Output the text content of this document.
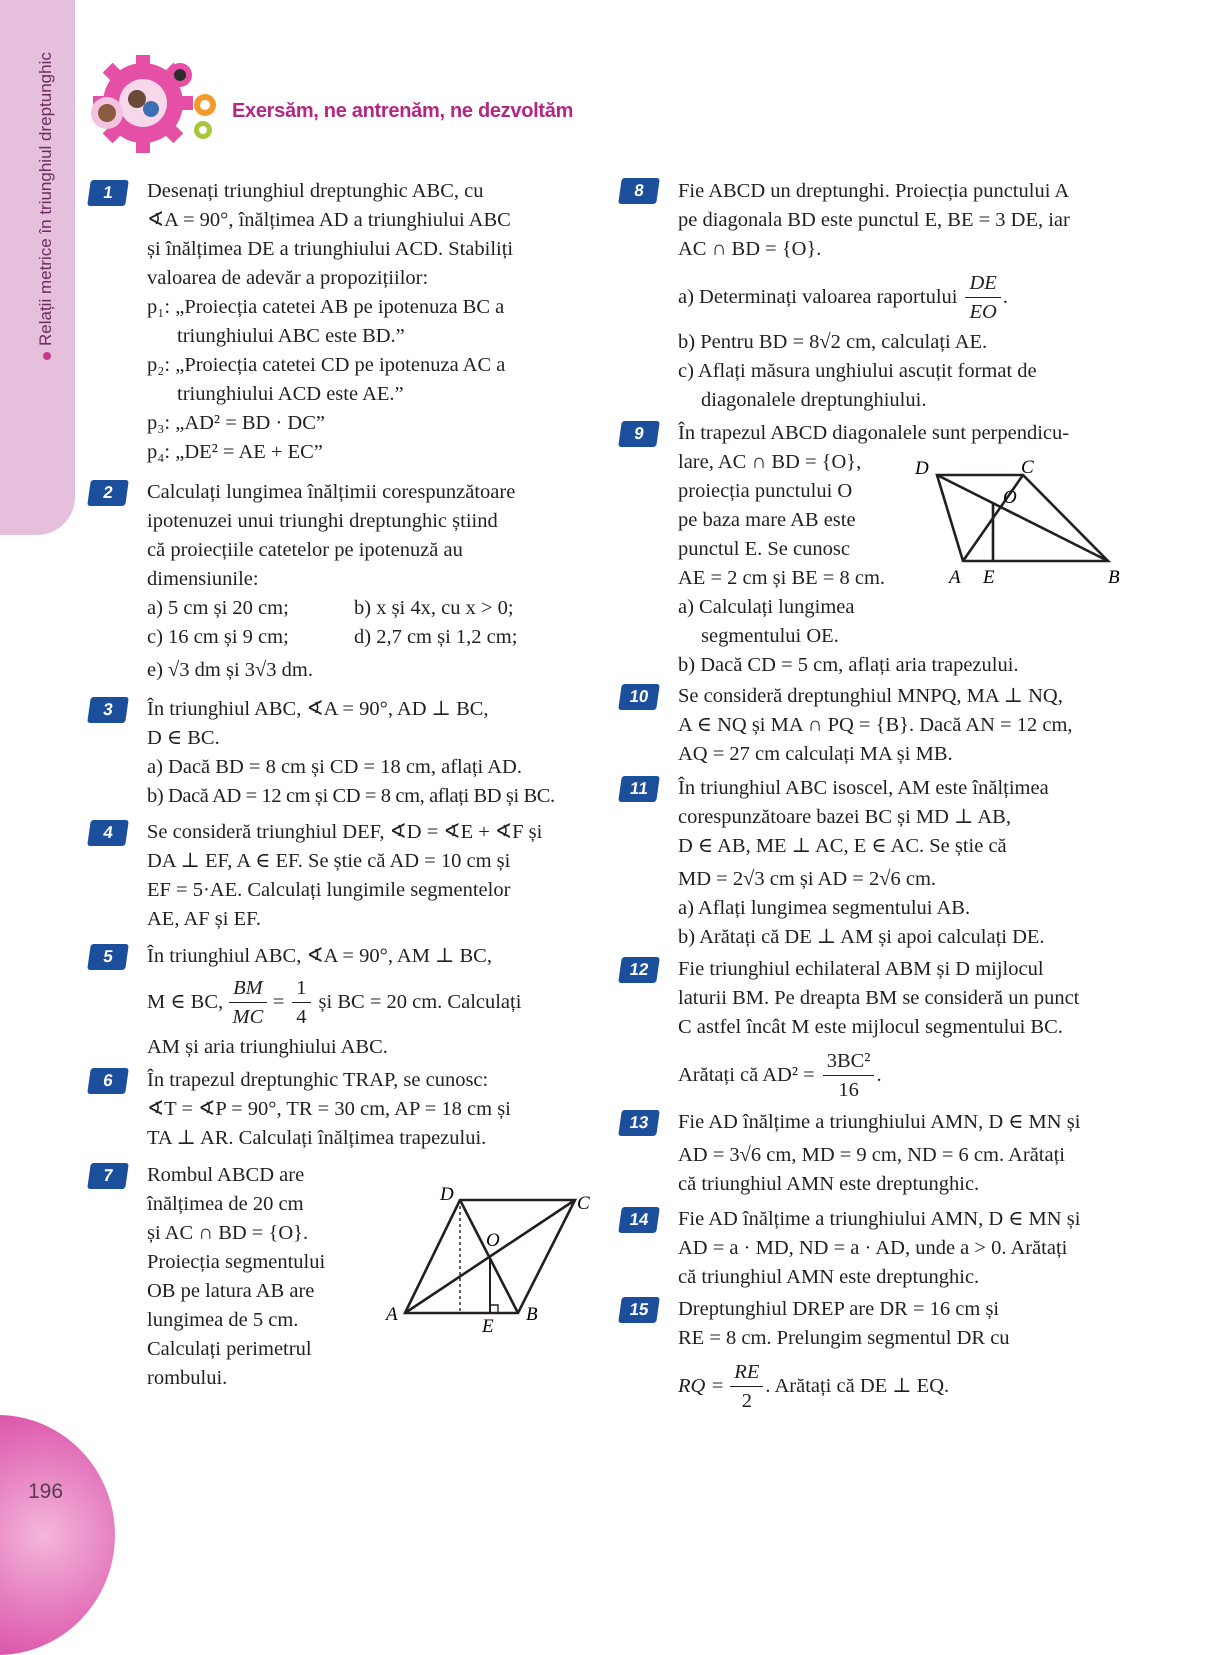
Relații metrice în triunghiul dreptunghic	Exersăm, ne antrenăm, ne dezvoltăm
1	Desenați triunghiul dreptunghic ABC, cu

∢A = 90°, înălțimea AD a triunghiului ABC

și înălțimea DE a triunghiului ACD. Stabiliți

valoarea de adevăr a propozițiilor:

p₁: „Proiecția catetei AB pe ipotenuza BC a

triunghiului ABC este BD.”

p₂: „Proiecția catetei CD pe ipotenuza AC a

triunghiului ACD este AE.”

p₃: „AD² = BD · DC”

p₄: „DE² = AE + EC”

2	Calculați lungimea înălțimii corespunzătoare

ipotenuzei unui triunghi dreptunghic știind

că proiecțiile catetelor pe ipotenuză au

dimensiunile:

a) 5 cm și 20 cm;	b) x și 4x, cu x > 0;
c) 16 cm și 9 cm;	d) 2,7 cm și 1,2 cm;

e) √3 dm și 3√3 dm.

3	În triunghiul ABC, ∢A = 90°, AD ⊥ BC,

D ∈ BC.

a) Dacă BD = 8 cm și CD = 18 cm, aflați AD.

b) Dacă AD = 12 cm și CD = 8 cm, aflați BD și BC.

4	Se consideră triunghiul DEF, ∢D = ∢E + ∢F și

DA ⊥ EF, A ∈ EF. Se știe că AD = 10 cm și

EF = 5·AE. Calculați lungimile segmentelor

AE, AF și EF.

5	În triunghiul ABC, ∢A = 90°, AM ⊥ BC,

M ∈ BC, $\frac{BM}{MC} = \frac{1}{4}$ și BC = 20 cm. Calculați

AM și aria triunghiului ABC.

6	În trapezul dreptunghic TRAP, se cunosc:

∢T = ∢P = 90°, TR = 30 cm, AP = 18 cm și

TA ⊥ AR. Calculați înălțimea trapezului.

7	Rombul ABCD are

înălțimea de 20 cm

și AC ∩ BD = {O}.

Proiecția segmentului

OB pe latura AB are

lungimea de 5 cm.

Calculați perimetrul

rombului.

A	B
C
D
O
E
8	Fie ABCD un dreptunghi. Proiecția punctului A

pe diagonala BD este punctul E, BE = 3 DE, iar

AC ∩ BD = {O}.

a) Determinați valoarea raportului $\frac{DE}{EO}$ .

b) Pentru BD = 8√2 cm, calculați AE.

c) Aflați măsura unghiului ascuțit format de

diagonalele dreptunghiului.

9	În trapezul ABCD diagonalele sunt perpendicu-

lare, AC ∩ BD = {O},

proiecția punctului O

pe baza mare AB este

punctul E. Se cunosc

AE = 2 cm și BE = 8 cm.

a) Calculați lungimea

segmentului OE.

b) Dacă CD = 5 cm, aflați aria trapezului.

A E	B
D	C
O
10	Se consideră dreptunghiul MNPQ, MA ⊥ NQ,

A ∈ NQ și MA ∩ PQ = {B}. Dacă AN = 12 cm,

AQ = 27 cm calculați MA și MB.

11	În triunghiul ABC isoscel, AM este înălțimea

corespunzătoare bazei BC și MD ⊥ AB,

D ∈ AB, ME ⊥ AC, E ∈ AC. Se știe că

MD = 2√3 cm și AD = 2√6 cm.

a) Aflați lungimea segmentului AB.

b) Arătați că DE ⊥ AM și apoi calculați DE.

12	Fie triunghiul echilateral ABM și D mijlocul

laturii BM. Pe dreapta BM se consideră un punct

C astfel încât M este mijlocul segmentului BC.

Arătați că $AD^2 = \frac{\text{3BC²}}{16}$ .
13	Fie AD înălțime a triunghiului AMN, D ∈ MN și

AD = 3√6 cm, MD = 9 cm, ND = 6 cm. Arătați

că triunghiul AMN este dreptunghic.

14	Fie AD înălțime a triunghiului AMN, D ∈ MN și

AD = a · MD, ND = a · AD, unde a > 0. Arătați

că triunghiul AMN este dreptunghic.

15	Dreptunghiul DREP are DR = 16 cm și

RE = 8 cm. Prelungim segmentul DR cu

RQ = $\frac{RE}{2}$ . Arătați că DE ⊥ EQ.
196
